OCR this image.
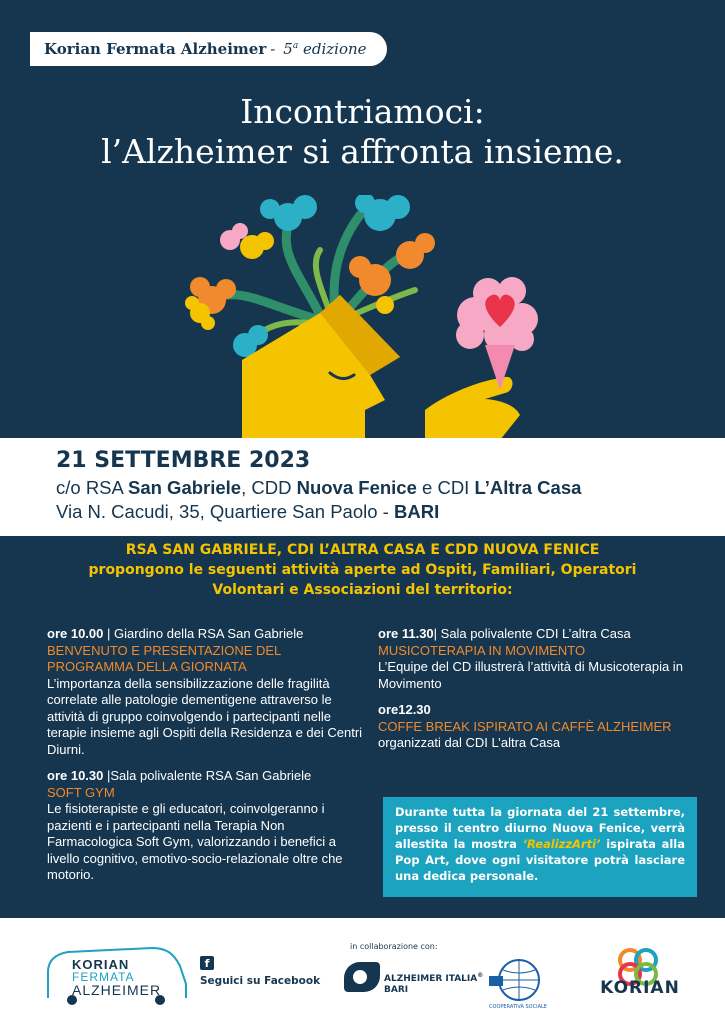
Korian Fermata Alzheimer - 5$^a$ edizione
Incontriamoci:
l’Alzheimer si affronta insieme.
21 SETTEMBRE 2023
c/o RSA San Gabriele, CDD Nuova Fenice e CDI L’Altra Casa
Via N. Cacudi, 35, Quartiere San Paolo - BARI
RSA SAN GABRIELE, CDI L’ALTRA CASA E CDD NUOVA FENICE
propongono le seguenti attività aperte ad Ospiti, Familiari, Operatori
Volontari e Associazioni del territorio:
ore 10.00 | Giardino della RSA San Gabriele
BENVENUTO E PRESENTAZIONE DEL PROGRAMMA DELLA GIORNATA
L’importanza della sensibilizzazione delle fragilità correlate alle patologie dementigene attraverso le attività di gruppo coinvolgendo i partecipanti nelle terapie insieme agli Ospiti della Residenza e dei Centri Diurni.
ore 10.30 |Sala polivalente RSA San Gabriele
SOFT GYM
Le fisioterapiste e gli educatori, coinvolgeranno i pazienti e i partecipanti nella Terapia Non Farmacologica Soft Gym, valorizzando i benefici a livello cognitivo, emotivo-socio-relazionale oltre che motorio.
ore 11.30| Sala polivalente CDI L’altra Casa
MUSICOTERAPIA IN MOVIMENTO
L’Equipe del CD illustrerà l’attività di Musicoterapia in Movimento
ore12.30
COFFE BREAK ISPIRATO AI CAFFÈ ALZHEIMER
organizzati dal CDI L’altra Casa
Durante tutta la giornata del 21 settembre, presso il centro diurno Nuova Fenice, verrà allestita la mostra ‘RealizzArti’ ispirata alla Pop Art, dove ogni visitatore potrà lasciare una dedica personale.
KORIAN
FERMATA
ALZHEIMER
f
Seguici su Facebook
in collaborazione con:
ALZHEIMER ITALIA®
BARI
COOPERATIVA SOCIALE
KORIAN
